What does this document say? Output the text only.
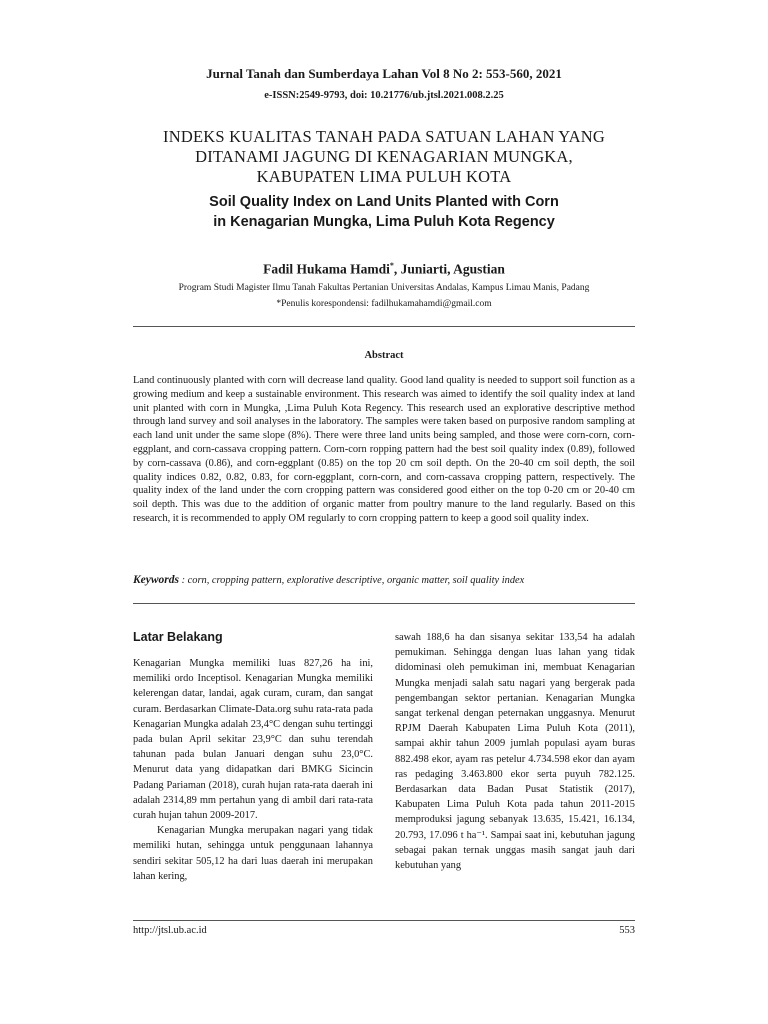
Jurnal Tanah dan Sumberdaya Lahan Vol 8 No 2: 553-560, 2021
e-ISSN:2549-9793, doi: 10.21776/ub.jtsl.2021.008.2.25
INDEKS KUALITAS TANAH PADA SATUAN LAHAN YANG
DITANAMI JAGUNG DI KENAGARIAN MUNGKA,
KABUPATEN LIMA PULUH KOTA
Soil Quality Index on Land Units Planted with Corn
in Kenagarian Mungka, Lima Puluh Kota Regency
Fadil Hukama Hamdi*, Juniarti, Agustian
Program Studi Magister Ilmu Tanah Fakultas Pertanian Universitas Andalas, Kampus Limau Manis, Padang
*Penulis korespondensi: fadilhukamahamdi@gmail.com
Abstract
Land continuously planted with corn will decrease land quality. Good land quality is needed to support soil function as a growing medium and keep a sustainable environment. This research was aimed to identify the soil quality index at land unit planted with corn in Mungka, ,Lima Puluh Kota Regency. This research used an explorative descriptive method through land survey and soil analyses in the laboratory. The samples were taken based on purposive random sampling at each land unit under the same slope (8%). There were three land units being sampled, and those were corn-corn, corn-eggplant, and corn-cassava cropping pattern. Corn-corn ropping pattern had the best soil quality index (0.89), followed by corn-cassava (0.86), and corn-eggplant (0.85) on the top 20 cm soil depth. On the 20-40 cm soil depth, the soil quality indices 0.82, 0.82, 0.83, for corn-eggplant, corn-corn, and corn-cassava cropping pattern, respectively. The quality index of the land under the corn cropping pattern was considered good either on the top 0-20 cm or 20-40 cm soil depth. This was due to the addition of organic matter from poultry manure to the land regularly. Based on this research, it is recommended to apply OM regularly to corn cropping pattern to keep a good soil quality index.
Keywords : corn, cropping pattern, explorative descriptive, organic matter, soil quality index
Latar Belakang

Kenagarian Mungka memiliki luas 827,26 ha ini, memiliki ordo Inceptisol. Kenagarian Mungka memiliki kelerengan datar, landai, agak curam, curam, dan sangat curam. Berdasarkan Climate-Data.org suhu rata-rata pada Kenagarian Mungka adalah 23,4°C dengan suhu tertinggi pada bulan April sekitar 23,9°C dan suhu terendah tahunan pada bulan Januari dengan suhu 23,0°C. Menurut data yang didapatkan dari BMKG Sicincin Padang Pariaman (2018), curah hujan rata-rata daerah ini adalah 2314,89 mm pertahun yang di ambil dari rata-rata curah hujan tahun 2009-2017.

Kenagarian Mungka merupakan nagari yang tidak memiliki hutan, sehingga untuk penggunaan lahannya sendiri sekitar 505,12 ha dari luas daerah ini merupakan lahan kering,

sawah 188,6 ha dan sisanya sekitar 133,54 ha adalah pemukiman. Sehingga dengan luas lahan yang tidak didominasi oleh pemukiman ini, membuat Kenagarian Mungka menjadi salah satu nagari yang bergerak pada pengembangan sektor pertanian. Kenagarian Mungka sangat terkenal dengan peternakan unggasnya. Menurut RPJM Daerah Kabupaten Lima Puluh Kota (2011), sampai akhir tahun 2009 jumlah populasi ayam buras 882.498 ekor, ayam ras petelur 4.734.598 ekor dan ayam ras pedaging 3.463.800 ekor serta puyuh 782.125. Berdasarkan data Badan Pusat Statistik (2017), Kabupaten Lima Puluh Kota pada tahun 2011-2015 memproduksi jagung sebanyak 13.635, 15.421, 16.134, 20.793, 17.096 t ha⁻¹. Sampai saat ini, kebutuhan jagung sebagai pakan ternak unggas masih sangat jauh dari kebutuhan yang

http://jtsl.ub.ac.id	553
